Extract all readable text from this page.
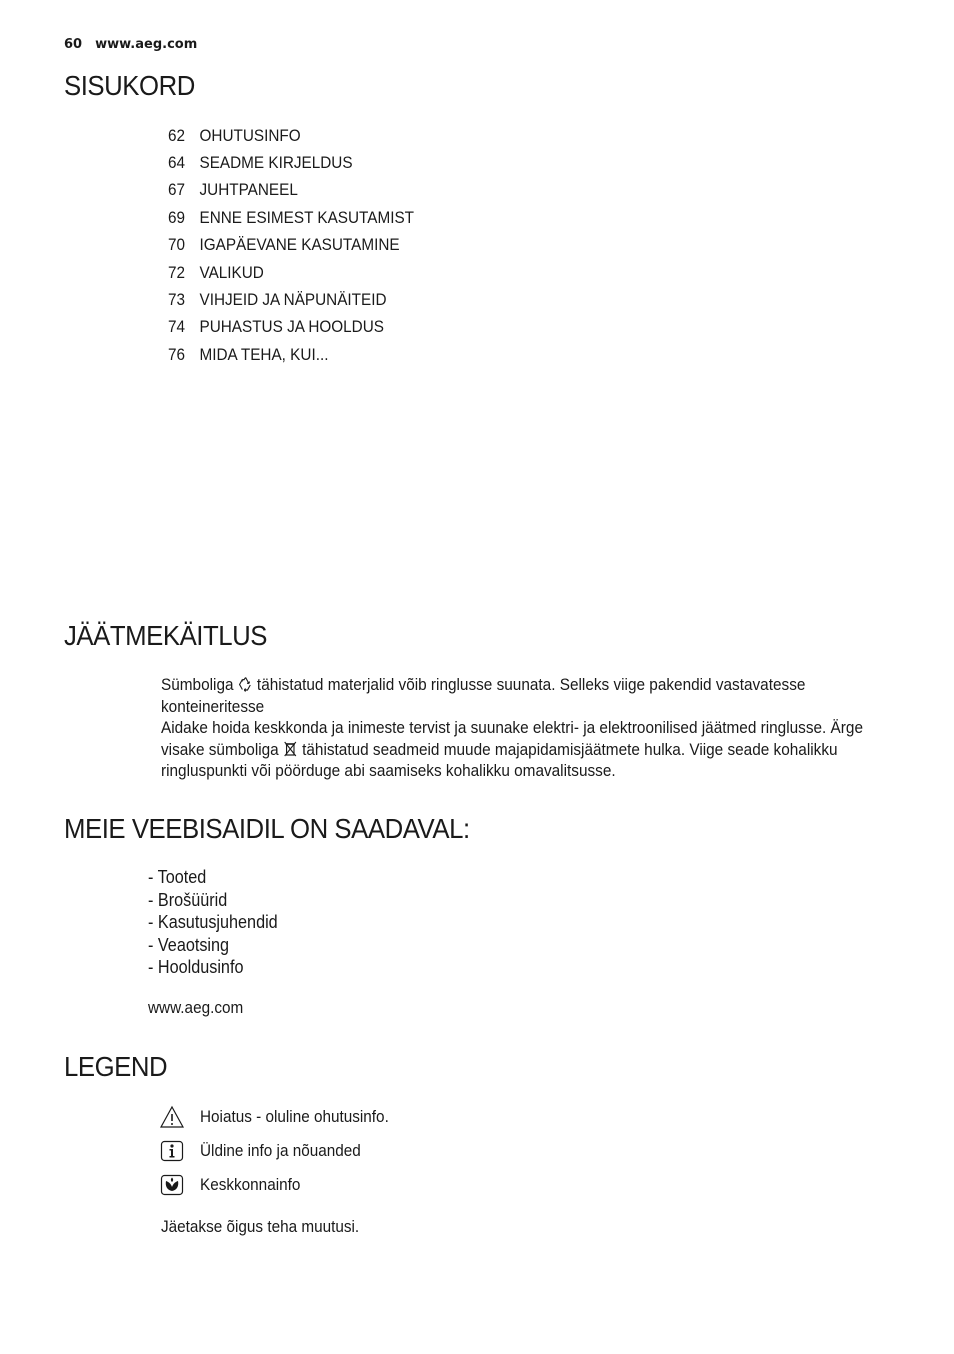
60 www.aeg.com
SISUKORD
62 OHUTUSINFO
64 SEADME KIRJELDUS
67 JUHTPANEEL
69 ENNE ESIMEST KASUTAMIST
70 IGAPÄEVANE KASUTAMINE
72 VALIKUD
73 VIHJEID JA NÄPUNÄITEID
74 PUHASTUS JA HOOLDUS
76 MIDA TEHA, KUI...
JÄÄTMEKÄITLUS

Sümboliga  tähistatud materjalid võib ringlusse suunata. Selleks viige pakendid vastavatesse konteineritesse

Aidake hoida keskkonda ja inimeste tervist ja suunake elektri- ja elektroonilised jäätmed ringlusse. Ärge visake sümboliga  tähistatud seadmeid muude majapidamisjäätmete hulka. Viige seade kohalikku ringluspunkti või pöörduge abi saamiseks kohalikku omavalitsusse.

MEIE VEEBISAIDIL ON SAADAVAL:
- Tooted
- Brošüürid
- Kasutusjuhendid
- Veaotsing
- Hooldusinfo
www.aeg.com
LEGEND
Hoiatus - oluline ohutusinfo.
Üldine info ja nõuanded
Keskkonnainfo
Jäetakse õigus teha muutusi.
